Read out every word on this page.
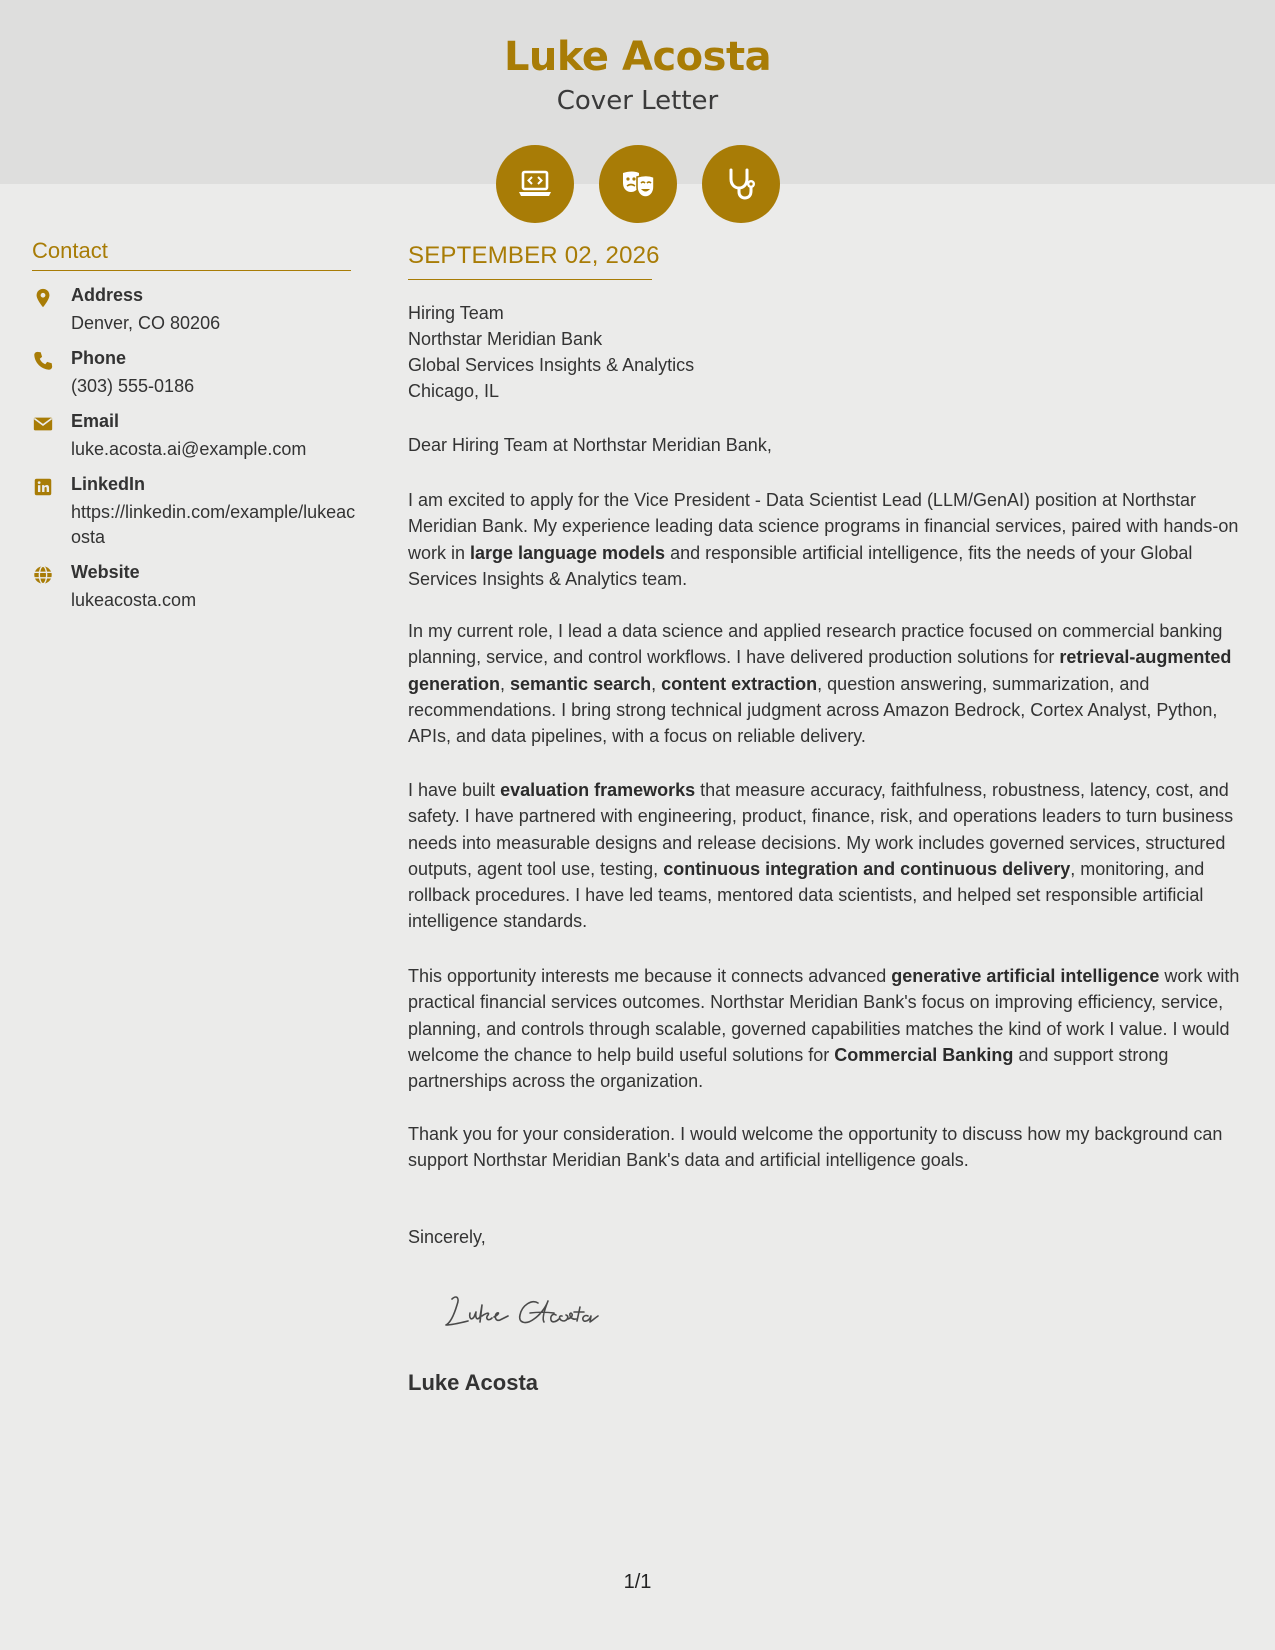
Luke Acosta
Cover Letter
Contact
Address
Denver, CO 80206
Phone
(303) 555-0186
Email
luke.acosta.ai@example.com
LinkedIn
https://linkedin.com/example/lukeacosta
Website
lukeacosta.com
SEPTEMBER 02, 2026
Hiring Team
Northstar Meridian Bank
Global Services Insights & Analytics
Chicago, IL
Dear Hiring Team at Northstar Meridian Bank,

I am excited to apply for the Vice President - Data Scientist Lead (LLM/GenAI) position at Northstar Meridian Bank. My experience leading data science programs in financial services, paired with hands-on work in large language models and responsible artificial intelligence, fits the needs of your Global Services Insights & Analytics team.

In my current role, I lead a data science and applied research practice focused on commercial banking planning, service, and control workflows. I have delivered production solutions for retrieval-augmented generation, semantic search, content extraction, question answering, summarization, and recommendations. I bring strong technical judgment across Amazon Bedrock, Cortex Analyst, Python, APIs, and data pipelines, with a focus on reliable delivery.

I have built evaluation frameworks that measure accuracy, faithfulness, robustness, latency, cost, and safety. I have partnered with engineering, product, finance, risk, and operations leaders to turn business needs into measurable designs and release decisions. My work includes governed services, structured outputs, agent tool use, testing, continuous integration and continuous delivery, monitoring, and rollback procedures. I have led teams, mentored data scientists, and helped set responsible artificial intelligence standards.

This opportunity interests me because it connects advanced generative artificial intelligence work with practical financial services outcomes. Northstar Meridian Bank's focus on improving efficiency, service, planning, and controls through scalable, governed capabilities matches the kind of work I value. I would welcome the chance to help build useful solutions for Commercial Banking and support strong partnerships across the organization.

Thank you for your consideration. I would welcome the opportunity to discuss how my background can support Northstar Meridian Bank's data and artificial intelligence goals.

Sincerely,
Luke Acosta
1/1
